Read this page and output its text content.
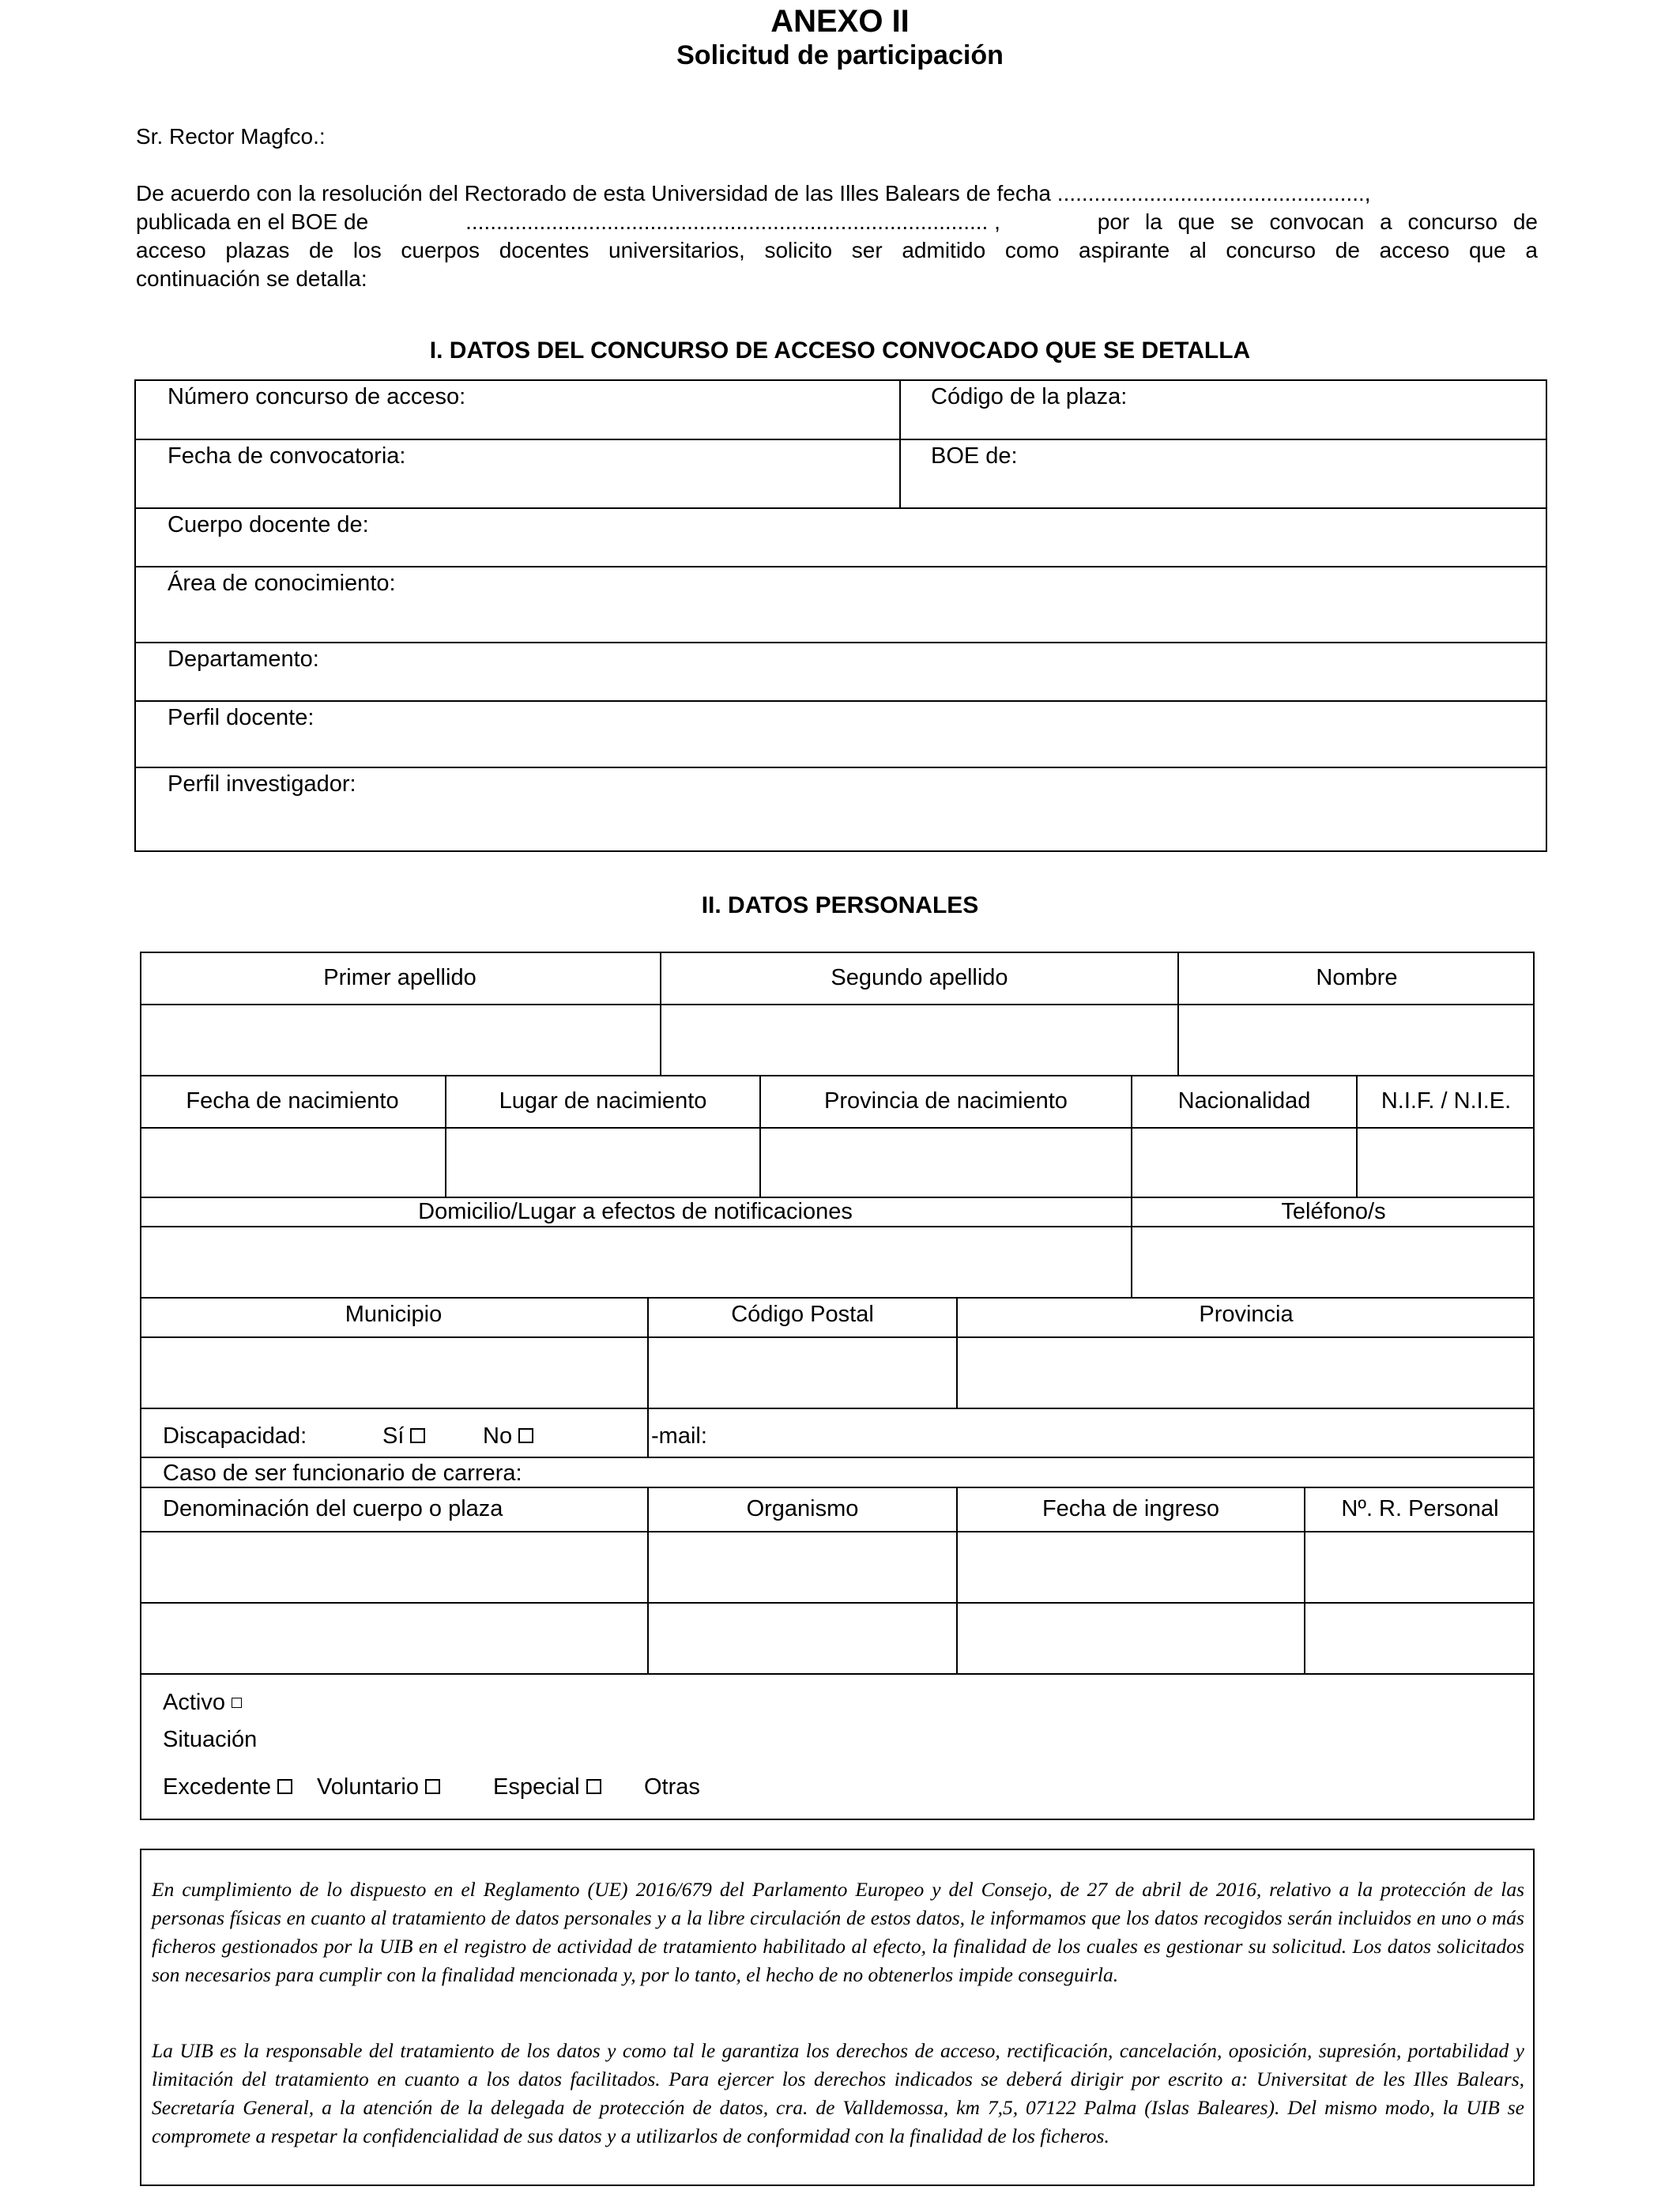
ANEXO II
Solicitud de participación
Sr. Rector Magfco.:
De acuerdo con la resolución del Rectorado de esta Universidad de las Illes Balears de fecha ..................................................,
publicada en el BOE de	..................................................................................... ,	por la que se convocan a concurso de
acceso plazas de los cuerpos docentes universitarios, solicito ser admitido como aspirante al concurso de acceso que a
continuación se detalla:
I. DATOS DEL CONCURSO DE ACCESO CONVOCADO QUE SE DETALLA
Número concurso de acceso:	Código de la plaza:
Fecha de convocatoria:	BOE de:
Cuerpo docente de:
Área de conocimiento:
Departamento:
Perfil docente:
Perfil investigador:
II. DATOS PERSONALES
Primer apellido	Segundo apellido	Nombre
Fecha de nacimiento	Lugar de nacimiento	Provincia de nacimiento	Nacionalidad	N.I.F. / N.I.E.
Domicilio/Lugar a efectos de notificaciones	Teléfono/s
Municipio	Código Postal	Provincia
Discapacidad:	Sí	No	-mail:
Caso de ser funcionario de carrera:
Denominación del cuerpo o plaza	Organismo	Fecha de ingreso	Nº. R. Personal
Activo
Situación
Excedente	Voluntario	Especial	Otras
En cumplimiento de lo dispuesto en el Reglamento (UE) 2016/679 del Parlamento Europeo y del Consejo, de 27 de abril de 2016, relativo a la protección de las personas físicas en cuanto al tratamiento de datos personales y a la libre circulación de estos datos, le informamos que los datos recogidos serán incluidos en uno o más ficheros gestionados por la UIB en el registro de actividad de tratamiento habilitado al efecto, la finalidad de los cuales es gestionar su solicitud. Los datos solicitados son necesarios para cumplir con la finalidad mencionada y, por lo tanto, el hecho de no obtenerlos impide conseguirla.
La UIB es la responsable del tratamiento de los datos y como tal le garantiza los derechos de acceso, rectificación, cancelación, oposición, supresión, portabilidad y limitación del tratamiento en cuanto a los datos facilitados. Para ejercer los derechos indicados se deberá dirigir por escrito a: Universitat de les Illes Balears, Secretaría General, a la atención de la delegada de protección de datos, cra. de Valldemossa, km 7,5, 07122 Palma (Islas Baleares). Del mismo modo, la UIB se compromete a respetar la confidencialidad de sus datos y a utilizarlos de conformidad con la finalidad de los ficheros.
